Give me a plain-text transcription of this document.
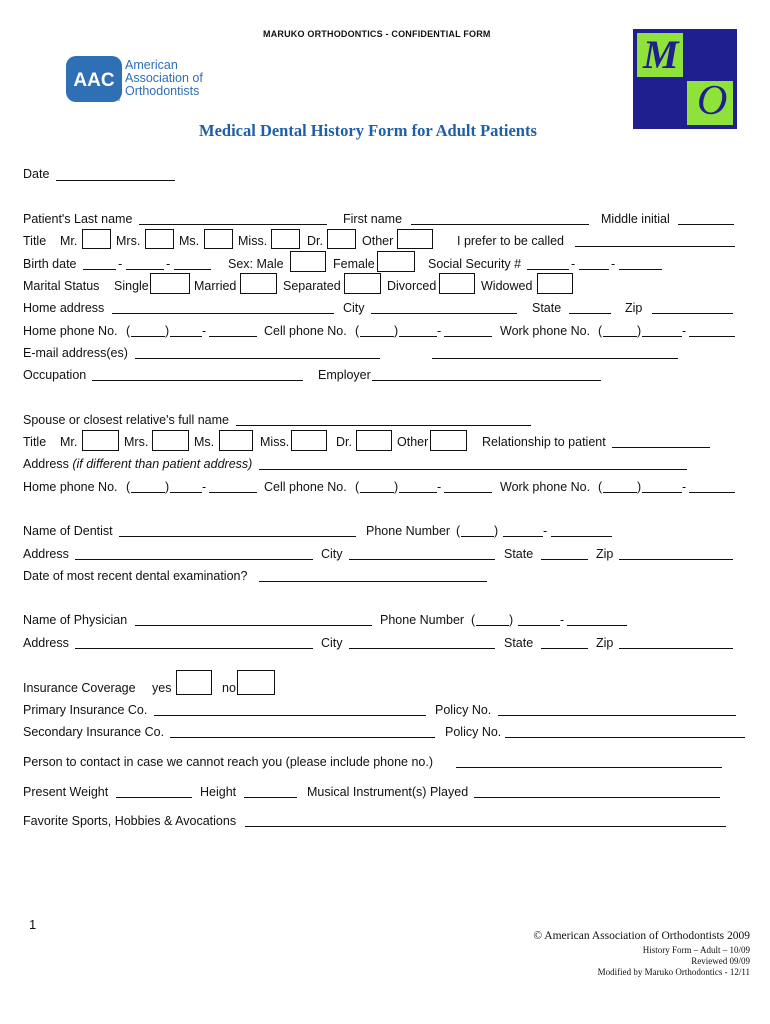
MARUKO ORTHODONTICS - CONFIDENTIAL FORM
AAC
American
Association of
Orthodontists
TM
M
O
Medical Dental History Form for Adult Patients
Date
Patient's Last name	First name	Middle initial
Title Mr.	Mrs.	Ms.	Miss.	Dr.	Other	I prefer to be called
Birth date	-	-	Sex: Male	Female	Social Security #	-	-
Marital Status Single	Married	Separated	Divorced	Widowed
Home address	City	State	Zip
Home phone No. (	)	-	Cell phone No. (	)	-	Work phone No. (	)	-
E-mail address(es)
Occupation	Employer
Spouse or closest relative's full name
Title Mr.	Mrs.	Ms.	Miss.	Dr.	Other	Relationship to patient
Address (if different than patient address)
Home phone No. (	)	-	Cell phone No. (	)	-	Work phone No. (	)	-
Name of Dentist	Phone Number (	)	-
Address	City	State	Zip
Date of most recent dental examination?
Name of Physician	Phone Number (	)	-
Address	City	State	Zip
Insurance Coverage yes	no
Primary Insurance Co.	Policy No.
Secondary Insurance Co.	Policy No.
Person to contact in case we cannot reach you (please include phone no.)
Present Weight	Height	Musical Instrument(s) Played
Favorite Sports, Hobbies & Avocations
1
© American Association of Orthodontists 2009
History Form – Adult – 10/09
Reviewed 09/09
Modified by Maruko Orthodontics - 12/11
